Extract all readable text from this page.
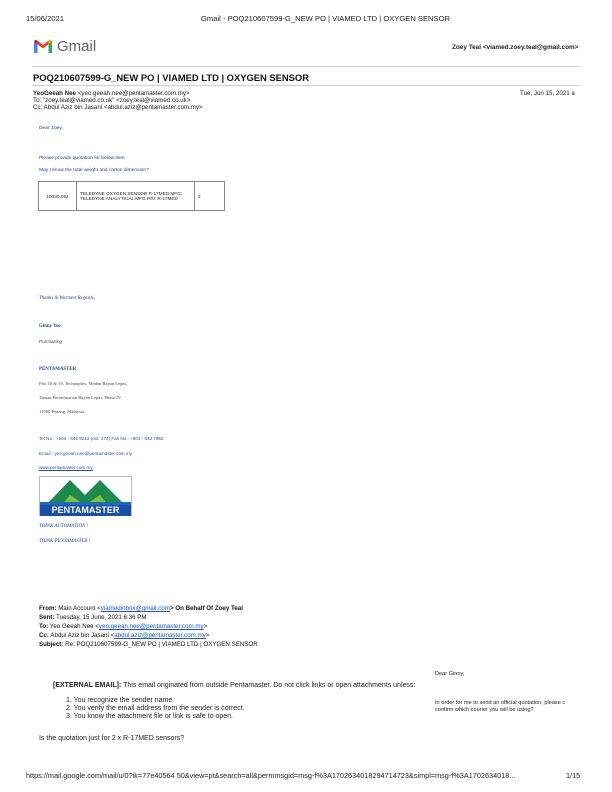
15/06/2021	Gmail - POQ210607599-G_NEW PO | VIAMED LTD | OXYGEN SENSOR
Gmail	Zoey Teal <viamed.zoey.teal@gmail.com>
POQ210607599-G_NEW PO | VIAMED LTD | OXYGEN SENSOR
YeoGeeah Nee <yeo.geeah.nee@pentamaster.com.my>	Tue, Jun 15, 2021 a
To: "zoey.teal@viamed.co.uk" <zoey.teal@viamed.co.uk>
Cc: Abdul Aziz bin Jasani <abdul.aziz@pentamaster.com.my>
Dear Zoey,
Please provide quotation for below item
May I know the total weight and carton dimension?
10030.092	TELEDYNE OXYGEN SENSOR R-17MED MFG:
TELEDYNE ANALYTICAL MFG P/N: R-17MED	2
Thanks & Warmest Regards,
Ginny Yeo
Purchasing
PENTAMASTER
Plot 18 & 19, Technoplex, Medan Bayan Lepas,
Taman Perindustrian Bayan Lepas, Phase IV,
11900 Penang, Malaysia.
Tel No.: +604 - 646 9212 (ext: 274) Fax No.: +604 - 642 7962
Email : yeo.geeah.nee@pentamaster.com.my
www.pentamaster.com.my
PENTAMASTER
THINK AUTOMATION !
THINK PENTAMASTER !
From: Main Account <viamedinbox@gmail.com> On Behalf Of Zoey Teal
Sent: Tuesday, 15 June, 2021 6:36 PM
To: Yeo Geeah Nee <yeo.geeah.nee@pentamaster.com.my>
Cc: Abdul Aziz bin Jasani <abdul.aziz@pentamaster.com.my>
Subject: Re: POQ210607599-G_NEW PO | VIAMED LTD | OXYGEN SENSOR
Dear Ginny,
In order for me to send an official quotation, please c
confirm which courier you will be using?
[EXTERNAL EMAIL]: This email originated from outside Pentamaster. Do not click links or open attachments unless:
1. You recognize the sender name.
2. You verify the email address from the sender is correct.
3. You know the attachment file or link is safe to open.
Is the quotation just for 2 x R-17MED sensors?
https://mail.google.com/mail/u/0?ik=77e40564 50&view=pt&search=all&permmsgid=msg-f%3A1702634018294714723&simpl=msg-f%3A1702634018...	1/15
